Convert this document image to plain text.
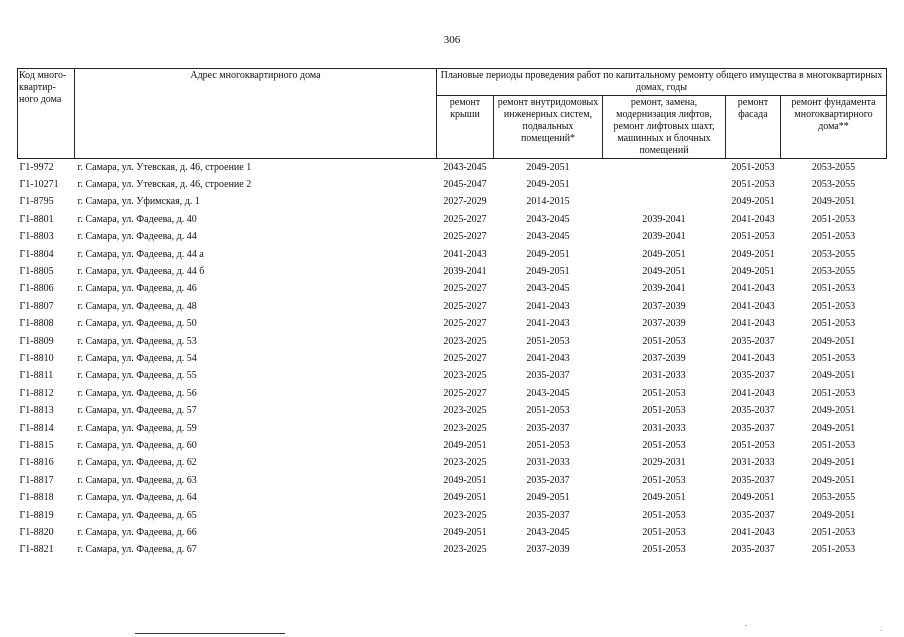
306
Код много-квартир-ного дома	Адрес многоквартирного дома	Плановые периоды проведения работ по капитальному ремонту общего имущества в многоквартирных домах, годы				
		ремонт крыши	ремонт внутридомовых инженерных систем, подвальных помещений*	ремонт, замена, модернизация лифтов, ремонт лифтовых шахт, машинных и блочных помещений	ремонт фасада	ремонт фундамента многоквартирного дома**
Г1-9972	г. Самара, ул. Утевская, д. 46, строение 1	2043-2045	2049-2051		2051-2053	2053-2055
Г1-10271	г. Самара, ул. Утевская, д. 46, строение 2	2045-2047	2049-2051		2051-2053	2053-2055
Г1-8795	г. Самара, ул. Уфимская, д. 1	2027-2029	2014-2015		2049-2051	2049-2051
Г1-8801	г. Самара, ул. Фадеева, д. 40	2025-2027	2043-2045	2039-2041	2041-2043	2051-2053
Г1-8803	г. Самара, ул. Фадеева, д. 44	2025-2027	2043-2045	2039-2041	2051-2053	2051-2053
Г1-8804	г. Самара, ул. Фадеева, д. 44 а	2041-2043	2049-2051	2049-2051	2049-2051	2053-2055
Г1-8805	г. Самара, ул. Фадеева, д. 44 б	2039-2041	2049-2051	2049-2051	2049-2051	2053-2055
Г1-8806	г. Самара, ул. Фадеева, д. 46	2025-2027	2043-2045	2039-2041	2041-2043	2051-2053
Г1-8807	г. Самара, ул. Фадеева, д. 48	2025-2027	2041-2043	2037-2039	2041-2043	2051-2053
Г1-8808	г. Самара, ул. Фадеева, д. 50	2025-2027	2041-2043	2037-2039	2041-2043	2051-2053
Г1-8809	г. Самара, ул. Фадеева, д. 53	2023-2025	2051-2053	2051-2053	2035-2037	2049-2051
Г1-8810	г. Самара, ул. Фадеева, д. 54	2025-2027	2041-2043	2037-2039	2041-2043	2051-2053
Г1-8811	г. Самара, ул. Фадеева, д. 55	2023-2025	2035-2037	2031-2033	2035-2037	2049-2051
Г1-8812	г. Самара, ул. Фадеева, д. 56	2025-2027	2043-2045	2051-2053	2041-2043	2051-2053
Г1-8813	г. Самара, ул. Фадеева, д. 57	2023-2025	2051-2053	2051-2053	2035-2037	2049-2051
Г1-8814	г. Самара, ул. Фадеева, д. 59	2023-2025	2035-2037	2031-2033	2035-2037	2049-2051
Г1-8815	г. Самара, ул. Фадеева, д. 60	2049-2051	2051-2053	2051-2053	2051-2053	2051-2053
Г1-8816	г. Самара, ул. Фадеева, д. 62	2023-2025	2031-2033	2029-2031	2031-2033	2049-2051
Г1-8817	г. Самара, ул. Фадеева, д. 63	2049-2051	2035-2037	2051-2053	2035-2037	2049-2051
Г1-8818	г. Самара, ул. Фадеева, д. 64	2049-2051	2049-2051	2049-2051	2049-2051	2053-2055
Г1-8819	г. Самара, ул. Фадеева, д. 65	2023-2025	2035-2037	2051-2053	2035-2037	2049-2051
Г1-8820	г. Самара, ул. Фадеева, д. 66	2049-2051	2043-2045	2051-2053	2041-2043	2051-2053
Г1-8821	г. Самара, ул. Фадеева, д. 67	2023-2025	2037-2039	2051-2053	2035-2037	2051-2053
